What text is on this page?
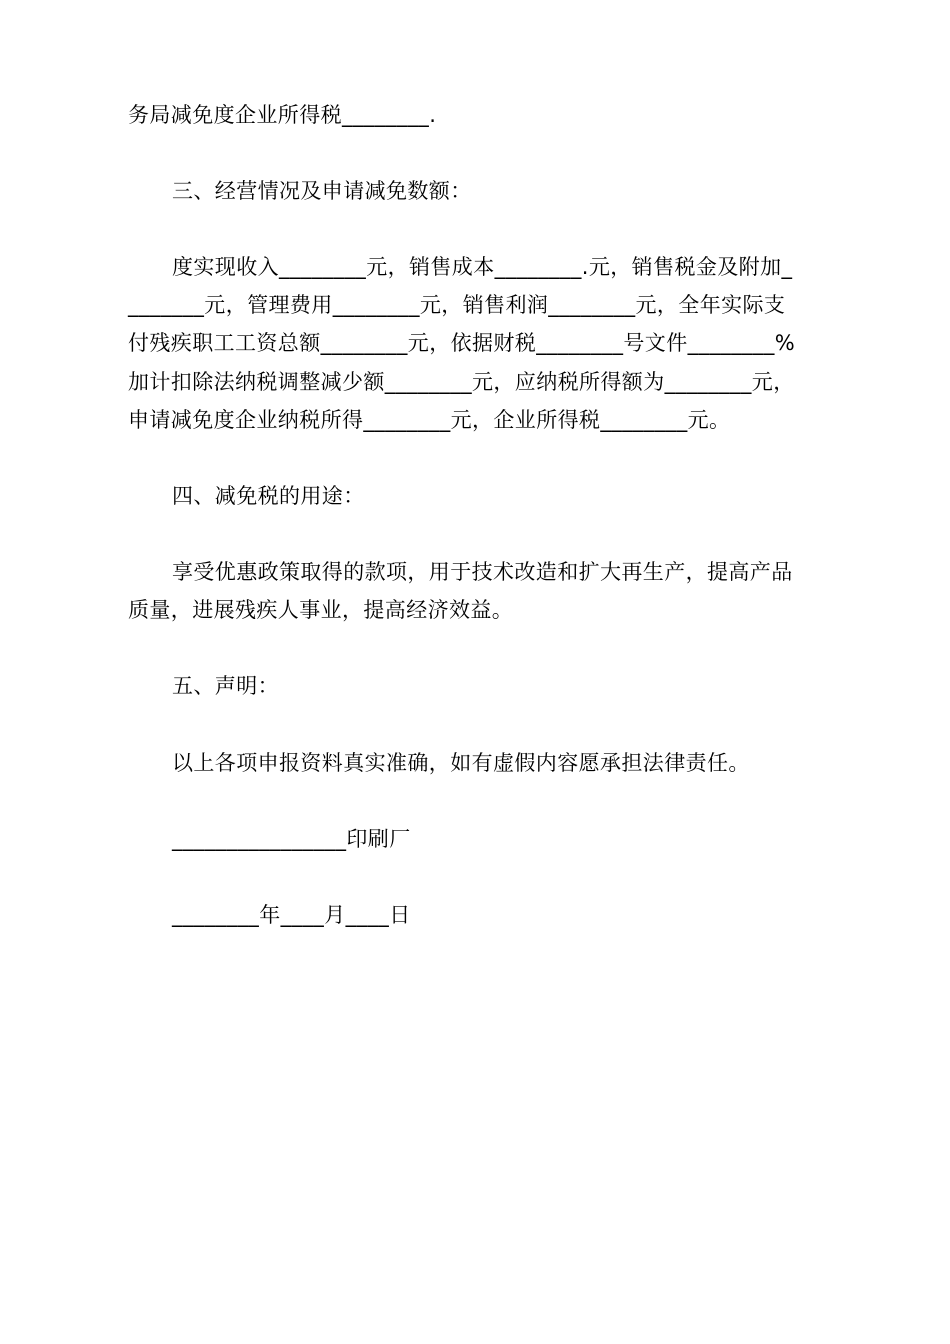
务局减免度企业所得税________.
三、经营情况及申请减免数额：
度实现收入________元，销售成本________.元，销售税金及附加_
_______元，管理费用________元，销售利润________元，全年实际支
付残疾职工工资总额________元，依据财税________号文件________%
加计扣除法纳税调整减少额________元，应纳税所得额为________元，
申请减免度企业纳税所得________元，企业所得税________元。
四、减免税的用途：
享受优惠政策取得的款项，用于技术改造和扩大再生产，提高产品
质量，进展残疾人事业，提高经济效益。
五、声明：
以上各项申报资料真实准确，如有虚假内容愿承担法律责任。
________________印刷厂
________年____月____日
